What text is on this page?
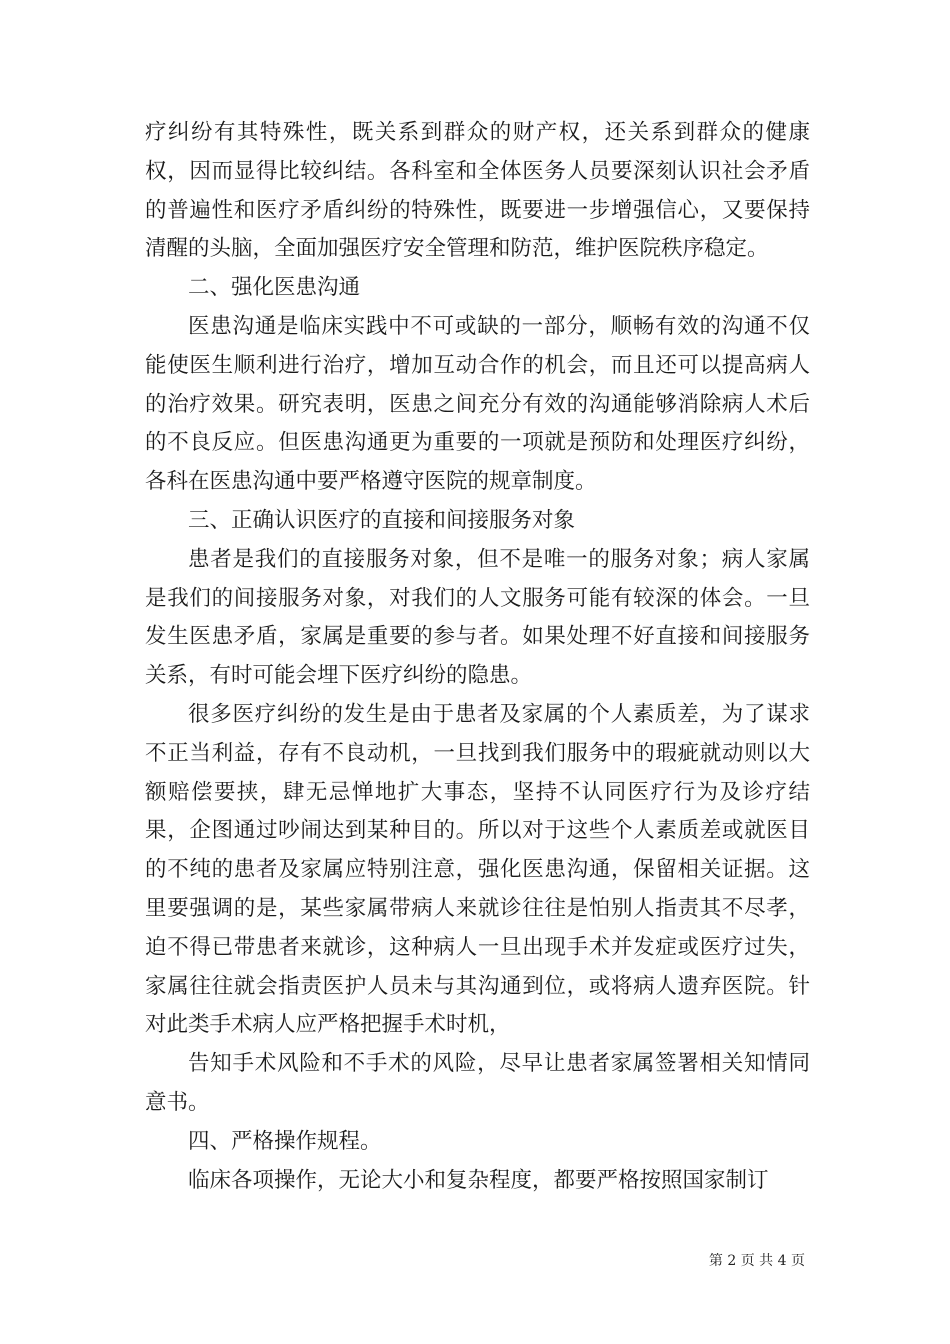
疗纠纷有其特殊性，既关系到群众的财产权，还关系到群众的健康权，因而显得比较纠结。各科室和全体医务人员要深刻认识社会矛盾的普遍性和医疗矛盾纠纷的特殊性，既要进一步增强信心，又要保持清醒的头脑，全面加强医疗安全管理和防范，维护医院秩序稳定。

二、强化医患沟通

医患沟通是临床实践中不可或缺的一部分，顺畅有效的沟通不仅能使医生顺利进行治疗，增加互动合作的机会，而且还可以提高病人的治疗效果。研究表明，医患之间充分有效的沟通能够消除病人术后的不良反应。但医患沟通更为重要的一项就是预防和处理医疗纠纷，各科在医患沟通中要严格遵守医院的规章制度。

三、正确认识医疗的直接和间接服务对象

患者是我们的直接服务对象，但不是唯一的服务对象；病人家属是我们的间接服务对象，对我们的人文服务可能有较深的体会。一旦发生医患矛盾，家属是重要的参与者。如果处理不好直接和间接服务关系，有时可能会埋下医疗纠纷的隐患。

很多医疗纠纷的发生是由于患者及家属的个人素质差，为了谋求不正当利益，存有不良动机，一旦找到我们服务中的瑕疵就动则以大额赔偿要挟，肆无忌惮地扩大事态，坚持不认同医疗行为及诊疗结果，企图通过吵闹达到某种目的。所以对于这些个人素质差或就医目的不纯的患者及家属应特别注意，强化医患沟通，保留相关证据。这里要强调的是，某些家属带病人来就诊往往是怕别人指责其不尽孝，迫不得已带患者来就诊，这种病人一旦出现手术并发症或医疗过失，家属往往就会指责医护人员未与其沟通到位，或将病人遗弃医院。针对此类手术病人应严格把握手术时机，

告知手术风险和不手术的风险，尽早让患者家属签署相关知情同意书。

四、严格操作规程。

临床各项操作，无论大小和复杂程度，都要严格按照国家制订

第 2 页 共 4 页
